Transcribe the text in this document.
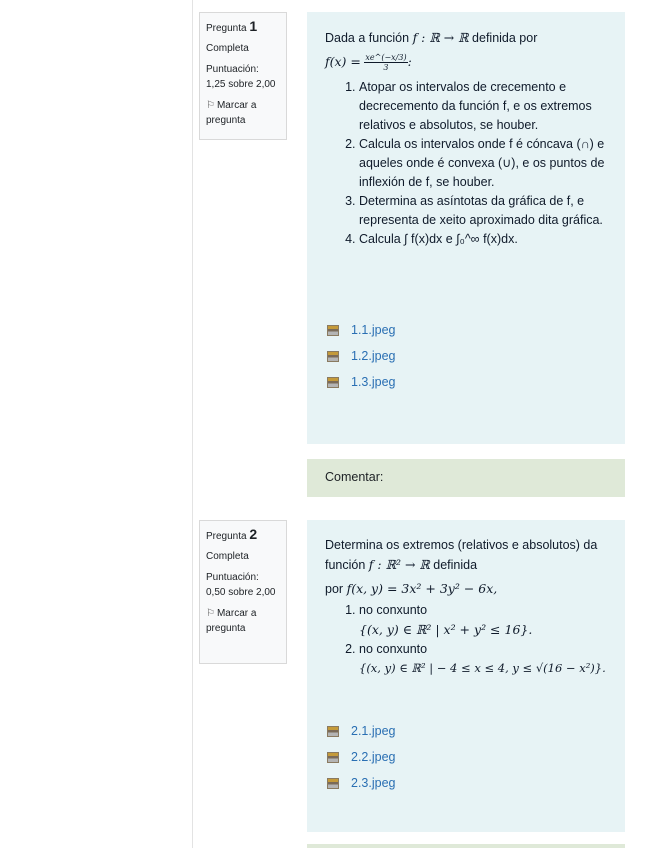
Pregunta 1
Completa
Puntuación:
1,25 sobre 2,00
⚐ Marcar a pregunta
Dada a función f : ℝ → ℝ definida por
$f(x) = \frac{xe\^{}(-x/3)}{3}$ :
1. Atopar os intervalos de crecemento e decrecemento da función f, e os extremos relativos e absolutos, se houber.
2. Calcula os intervalos onde f é cóncava (∩) e aqueles onde é convexa (∪), e os puntos de inflexión de f, se houber.
3. Determina as asíntotas da gráfica de f, e representa de xeito aproximado dita gráfica.
4. Calcula ∫ f(x)dx e ∫₀^∞ f(x)dx.
1.1.jpeg
1.2.jpeg
1.3.jpeg
Comentar:
Pregunta 2
Completa
Puntuación:
0,50 sobre 2,00
⚐ Marcar a pregunta
Determina os extremos (relativos e absolutos) da función f : ℝ² → ℝ definida
por f(x, y) = 3x² + 3y² − 6x,
1. no conxunto
{(x, y) ∈ ℝ² | x² + y² ≤ 16}.
2. no conxunto
{(x, y) ∈ ℝ² | − 4 ≤ x ≤ 4, y ≤ √(16 − x²)}.
2.1.jpeg
2.2.jpeg
2.3.jpeg
